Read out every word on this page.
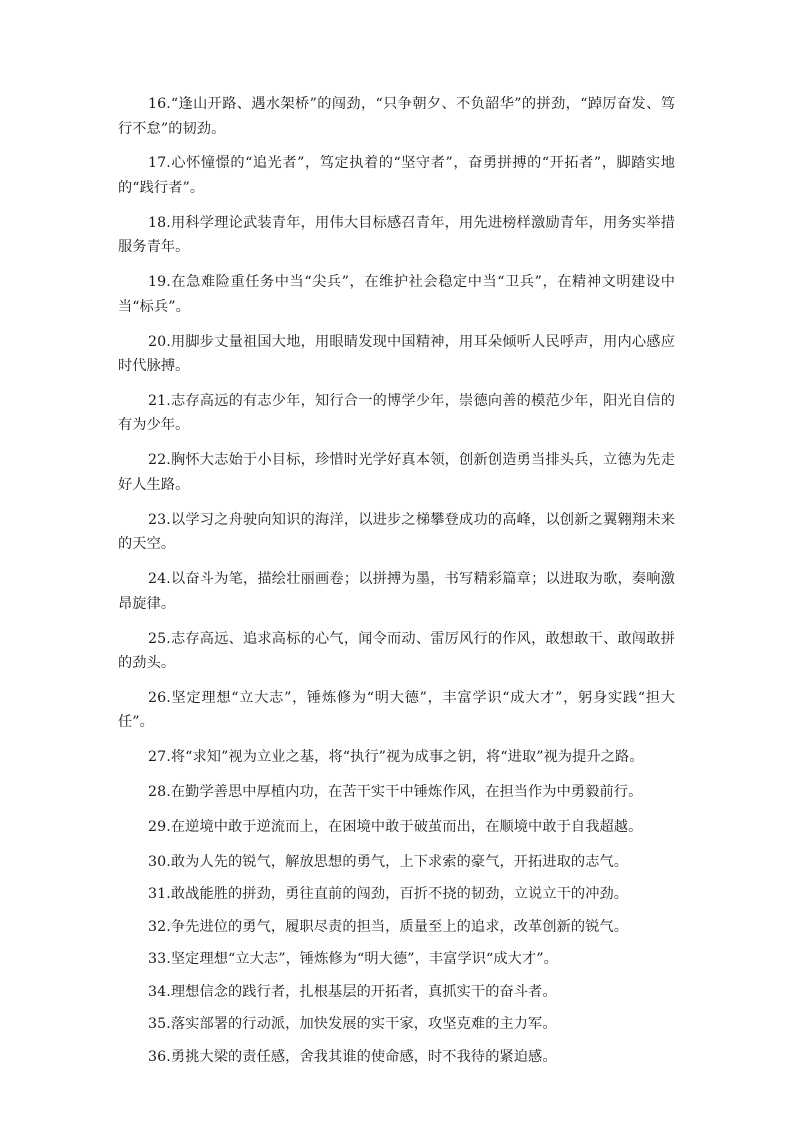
16.“逢山开路、遇水架桥”的闯劲，“只争朝夕、不负韶华”的拼劲，“踔厉奋发、笃行不怠”的韧劲。

17.心怀憧憬的“追光者”，笃定执着的“坚守者”，奋勇拼搏的“开拓者”，脚踏实地的“践行者”。

18.用科学理论武装青年，用伟大目标感召青年，用先进榜样激励青年，用务实举措服务青年。

19.在急难险重任务中当“尖兵”，在维护社会稳定中当“卫兵”，在精神文明建设中当“标兵”。

20.用脚步丈量祖国大地，用眼睛发现中国精神，用耳朵倾听人民呼声，用内心感应时代脉搏。

21.志存高远的有志少年，知行合一的博学少年，崇德向善的模范少年，阳光自信的有为少年。

22.胸怀大志始于小目标，珍惜时光学好真本领，创新创造勇当排头兵，立德为先走好人生路。

23.以学习之舟驶向知识的海洋，以进步之梯攀登成功的高峰，以创新之翼翱翔未来的天空。

24.以奋斗为笔，描绘壮丽画卷；以拼搏为墨，书写精彩篇章；以进取为歌，奏响激昂旋律。

25.志存高远、追求高标的心气，闻令而动、雷厉风行的作风，敢想敢干、敢闯敢拼的劲头。

26.坚定理想“立大志”，锤炼修为“明大德”，丰富学识“成大才”，躬身实践“担大任”。

27.将“求知”视为立业之基，将“执行”视为成事之钥，将“进取”视为提升之路。

28.在勤学善思中厚植内功，在苦干实干中锤炼作风，在担当作为中勇毅前行。

29.在逆境中敢于逆流而上，在困境中敢于破茧而出，在顺境中敢于自我超越。

30.敢为人先的锐气，解放思想的勇气，上下求索的豪气，开拓进取的志气。

31.敢战能胜的拼劲，勇往直前的闯劲，百折不挠的韧劲，立说立干的冲劲。

32.争先进位的勇气，履职尽责的担当，质量至上的追求，改革创新的锐气。

33.坚定理想“立大志”，锤炼修为“明大德”，丰富学识“成大才”。

34.理想信念的践行者，扎根基层的开拓者，真抓实干的奋斗者。

35.落实部署的行动派，加快发展的实干家，攻坚克难的主力军。

36.勇挑大梁的责任感，舍我其谁的使命感，时不我待的紧迫感。
